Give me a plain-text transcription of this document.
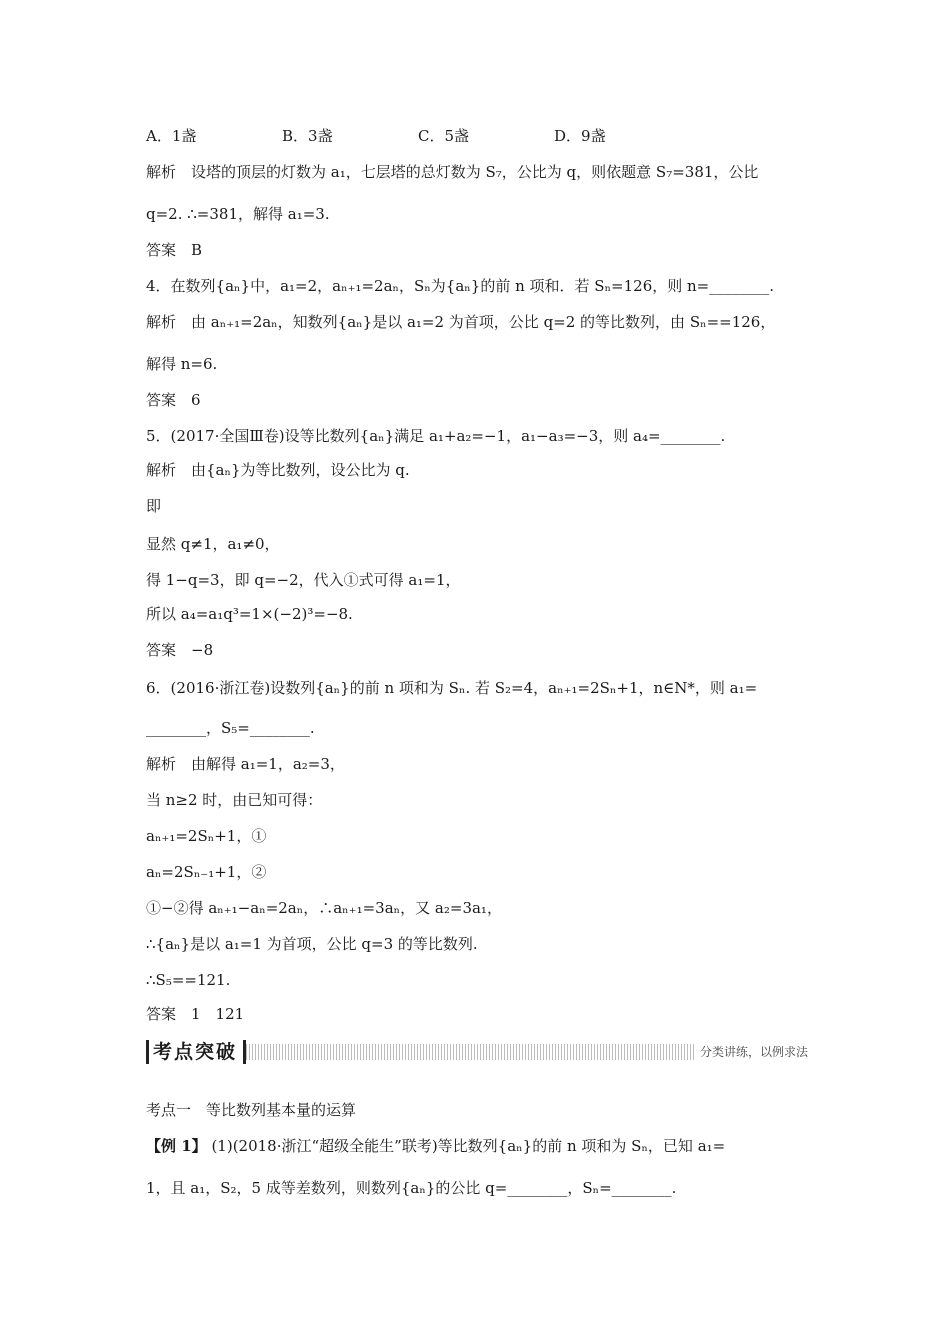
A．1盏	B．3盏	C．5盏	D．9盏
解析　设塔的顶层的灯数为 a₁，七层塔的总灯数为 S₇，公比为 q，则依题意 S₇=381，公比
q=2. ∴=381，解得 a₁=3.
答案　B
4．在数列{aₙ}中，a₁=2，aₙ₊₁=2aₙ，Sₙ为{aₙ}的前 n 项和．若 Sₙ=126，则 n=________.
解析　由 aₙ₊₁=2aₙ，知数列{aₙ}是以 a₁=2 为首项，公比 q=2 的等比数列，由 Sₙ==126，
解得 n=6.
答案　6
5．(2017·全国Ⅲ卷)设等比数列{aₙ}满足 a₁+a₂=−1，a₁−a₃=−3，则 a₄=________.
解析　由{aₙ}为等比数列，设公比为 q.
即
显然 q≠1，a₁≠0，
得 1−q=3，即 q=−2，代入①式可得 a₁=1，
所以 a₄=a₁q³=1×(−2)³=−8.
答案　−8
6．(2016·浙江卷)设数列{aₙ}的前 n 项和为 Sₙ. 若 S₂=4，aₙ₊₁=2Sₙ+1，n∈N*，则 a₁=
________，S₅=________.
解析　由解得 a₁=1，a₂=3，
当 n≥2 时，由已知可得：
aₙ₊₁=2Sₙ+1，①
aₙ=2Sₙ₋₁+1，②
①−②得 aₙ₊₁−aₙ=2aₙ，∴aₙ₊₁=3aₙ，又 a₂=3a₁，
∴{aₙ}是以 a₁=1 为首项，公比 q=3 的等比数列.
∴S₅==121.
答案　1　121
考点突破	分类讲练，以例求法
考点一　等比数列基本量的运算
【例 1】 (1)(2018·浙江“超级全能生”联考)等比数列{aₙ}的前 n 项和为 Sₙ，已知 a₁=
1，且 a₁，S₂，5 成等差数列，则数列{aₙ}的公比 q=________，Sₙ=________.
